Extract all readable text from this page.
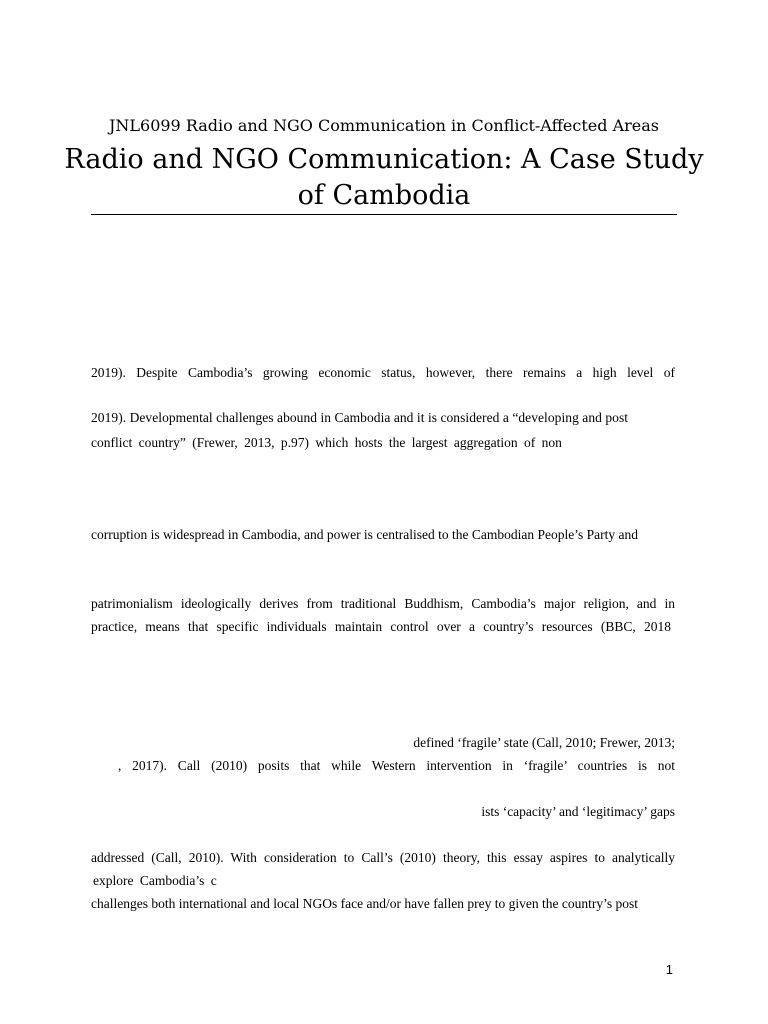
JNL6099 Radio and NGO Communication in Conflict-Affected Areas
Radio and NGO Communication: A Case Study of Cambodia
2019). Despite Cambodia’s growing economic status, however, there remains a high level of
2019). Developmental challenges abound in Cambodia and it is considered a “developing and post
conflict country” (Frewer, 2013, p.97) which hosts the largest aggregation of non
corruption is widespread in Cambodia, and power is centralised to the Cambodian People’s Party and
patrimonialism ideologically derives from traditional Buddhism, Cambodia’s major religion, and in
practice, means that specific individuals maintain control over a country’s resources (BBC, 2018
defined ‘fragile’ state (Call, 2010; Frewer, 2013;
, 2017). Call (2010) posits that while Western intervention in ‘fragile’ countries is not
ists ‘capacity’ and ‘legitimacy’ gaps
addressed (Call, 2010). With consideration to Call’s (2010) theory, this essay aspires to analytically
explore Cambodia’s c
challenges both international and local NGOs face and/or have fallen prey to given the country’s post
1
